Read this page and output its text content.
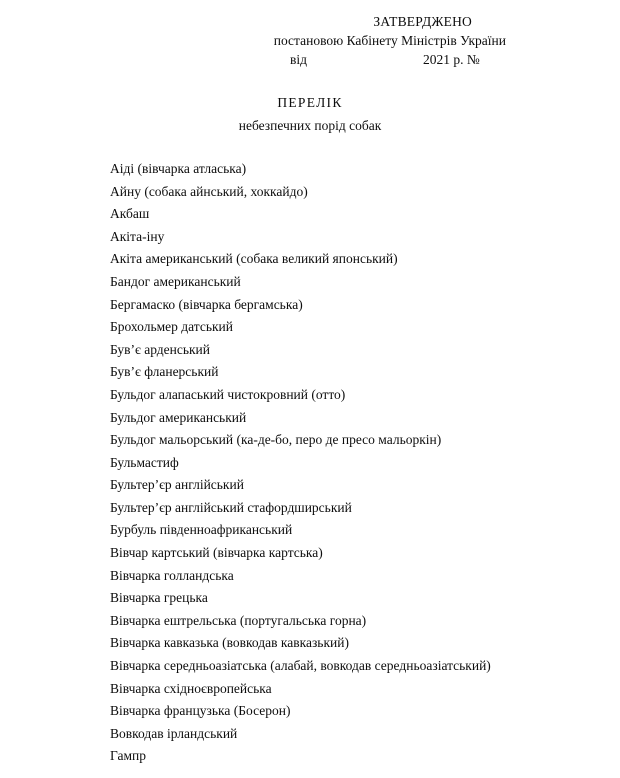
ЗАТВЕРДЖЕНО
постановою Кабінету Міністрів України
від	2021 р. №
ПЕРЕЛІК
небезпечних порід собак
Аіді (вівчарка атласька)
Айну (собака айнський, хоккайдо)
Акбаш
Акіта-іну
Акіта американський (собака великий японський)
Бандог американський
Бергамаско (вівчарка бергамська)
Брохольмер датський
Був’є арденський
Був’є фланерський
Бульдог алапаський чистокровний (отто)
Бульдог американський
Бульдог мальорський (ка-де-бо, перо де пресо мальоркін)
Бульмастиф
Бультер’єр англійський
Бультер’єр англійський стафордширський
Бурбуль південноафриканський
Вівчар картський (вівчарка картська)
Вівчарка голландська
Вівчарка грецька
Вівчарка ештрельська (португальська горна)
Вівчарка кавказька (вовкодав кавказький)
Вівчарка середньоазіатська (алабай, вовкодав середньоазіатський)
Вівчарка східноєвропейська
Вівчарка французька (Босерон)
Вовкодав ірландський
Гампр
